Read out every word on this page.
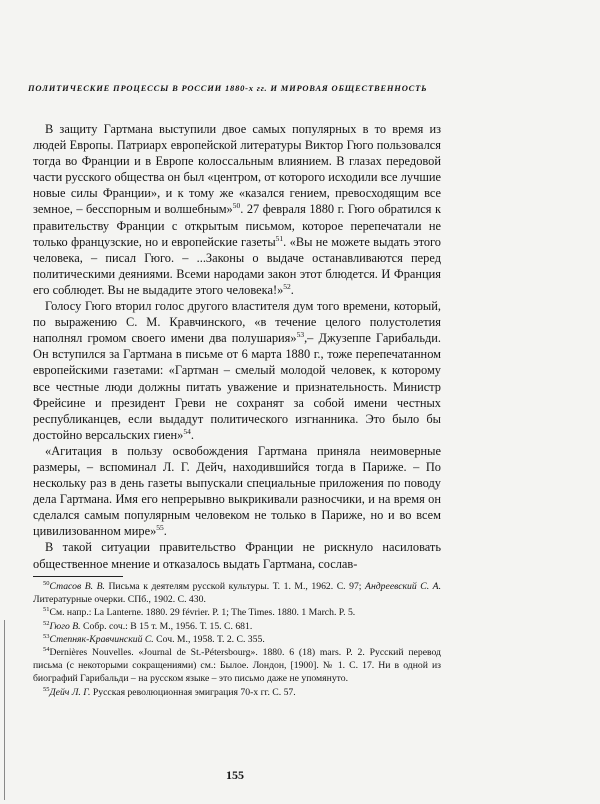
ПОЛИТИЧЕСКИЕ ПРОЦЕССЫ В РОССИИ 1880-х гг. И МИРОВАЯ ОБЩЕСТВЕННОСТЬ

В защиту Гартмана выступили двое самых популярных в то время из людей Европы. Патриарх европейской литературы Виктор Гюго пользовался тогда во Франции и в Европе колоссальным влиянием. В глазах передовой части русского общества он был «центром, от которого исходили все лучшие новые силы Франции», и к тому же «казался гением, превосходящим все земное, – бесспорным и волшебным»$^{50}$. 27 февраля 1880 г. Гюго обратился к правительству Франции с открытым письмом, которое перепечатали не только французские, но и европейские газеты$^{51}$. «Вы не можете выдать этого человека, – писал Гюго. – ...Законы о выдаче останавливаются перед политическими деяниями. Всеми народами закон этот блюдется. И Франция его соблюдет. Вы не выдадите этого человека!»$^{52}$.

Голосу Гюго вторил голос другого властителя дум того времени, который, по выражению С. М. Кравчинского, «в течение целого полустолетия наполнял громом своего имени два полушария»$^{53}$,– Джузеппе Гарибальди. Он вступился за Гартмана в письме от 6 марта 1880 г., тоже перепечатанном европейскими газетами: «Гартман – смелый молодой человек, к которому все честные люди должны питать уважение и признательность. Министр Фрейсине и президент Греви не сохранят за собой имени честных республиканцев, если выдадут политического изгнанника. Это было бы достойно версальских гиен»$^{54}$.

«Агитация в пользу освобождения Гартмана приняла неимоверные размеры, – вспоминал Л. Г. Дейч, находившийся тогда в Париже. – По нескольку раз в день газеты выпускали специальные приложения по поводу дела Гартмана. Имя его непрерывно выкрикивали разносчики, и на время он сделался самым популярным человеком не только в Париже, но и во всем цивилизованном мире»$^{55}$.

В такой ситуации правительство Франции не рискнуло насиловать общественное мнение и отказалось выдать Гартмана, сослав-

$^{50}$Стасов В. В. Письма к деятелям русской культуры. Т. 1. М., 1962. С. 97; Андреевский С. А. Литературные очерки. СПб., 1902. С. 430.
$^{51}$См. напр.: La Lanterne. 1880. 29 février. P. 1; The Times. 1880. 1 March. P. 5.
$^{52}$Гюго В. Собр. соч.: В 15 т. М., 1956. Т. 15. С. 681.
$^{53}$Степняк-Кравчинский С. Соч. М., 1958. Т. 2. С. 355.
$^{54}$Dernières Nouvelles. «Journal de St.-Pétersbourg». 1880. 6 (18) mars. P. 2. Русский перевод письма (с некоторыми сокращениями) см.: Былое. Лондон, [1900]. № 1. С. 17. Ни в одной из биографий Гарибальди – на русском языке – это письмо даже не упомянуто.
$^{55}$Дейч Л. Г. Русская революционная эмиграция 70-х гг. С. 57.
155
